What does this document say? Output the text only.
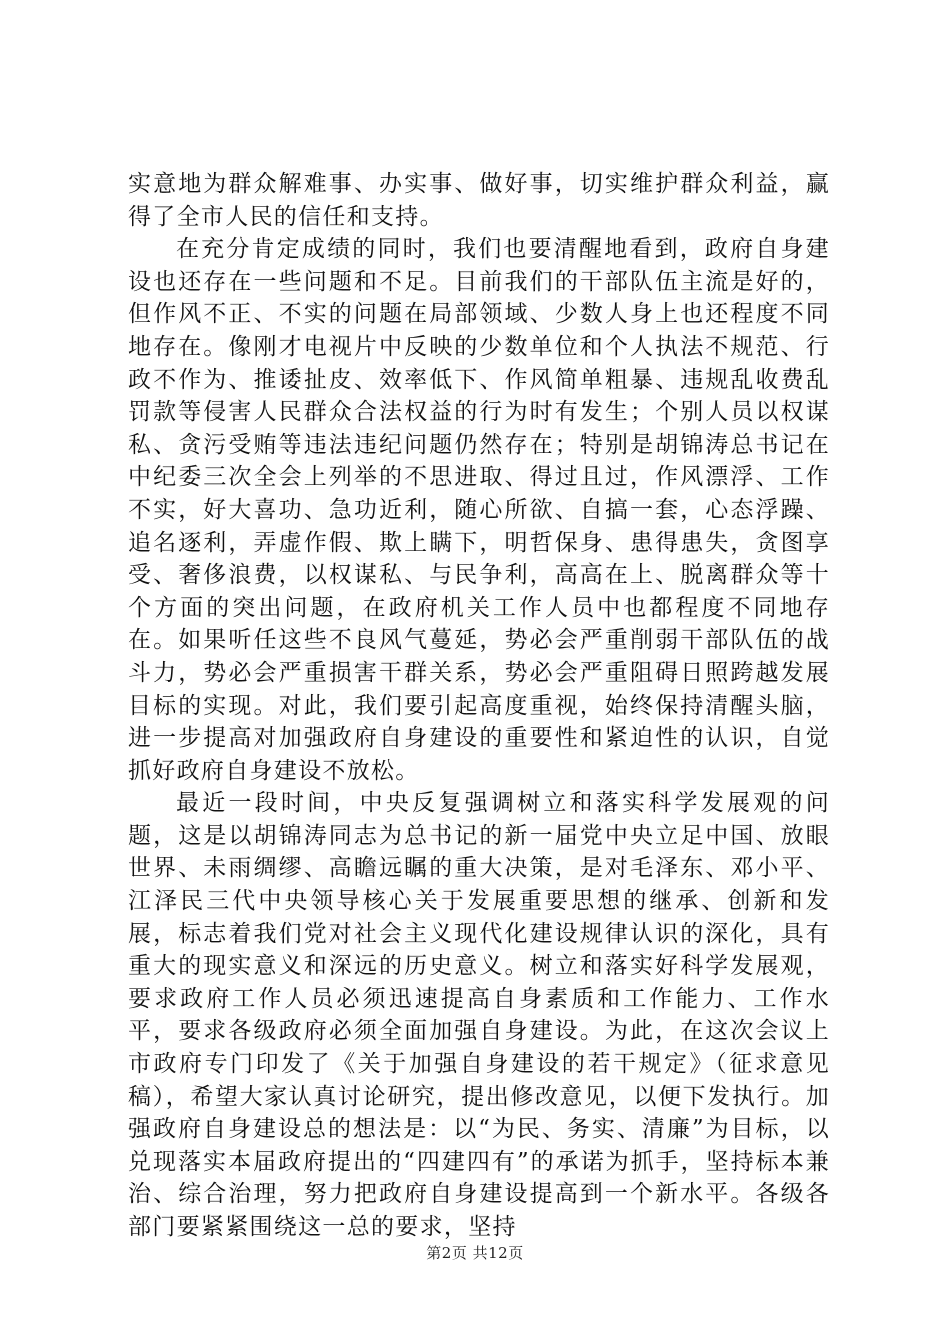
实意地为群众解难事、办实事、做好事，切实维护群众利益，赢得了全市人民的信任和支持。

在充分肯定成绩的同时，我们也要清醒地看到，政府自身建设也还存在一些问题和不足。目前我们的干部队伍主流是好的，但作风不正、不实的问题在局部领域、少数人身上也还程度不同地存在。像刚才电视片中反映的少数单位和个人执法不规范、行政不作为、推诿扯皮、效率低下、作风简单粗暴、违规乱收费乱罚款等侵害人民群众合法权益的行为时有发生；个别人员以权谋私、贪污受贿等违法违纪问题仍然存在；特别是胡锦涛总书记在中纪委三次全会上列举的不思进取、得过且过，作风漂浮、工作不实，好大喜功、急功近利，随心所欲、自搞一套，心态浮躁、追名逐利，弄虚作假、欺上瞒下，明哲保身、患得患失，贪图享受、奢侈浪费，以权谋私、与民争利，高高在上、脱离群众等十个方面的突出问题，在政府机关工作人员中也都程度不同地存在。如果听任这些不良风气蔓延，势必会严重削弱干部队伍的战斗力，势必会严重损害干群关系，势必会严重阻碍日照跨越发展目标的实现。对此，我们要引起高度重视，始终保持清醒头脑，进一步提高对加强政府自身建设的重要性和紧迫性的认识，自觉抓好政府自身建设不放松。

最近一段时间，中央反复强调树立和落实科学发展观的问题，这是以胡锦涛同志为总书记的新一届党中央立足中国、放眼世界、未雨绸缪、高瞻远瞩的重大决策，是对毛泽东、邓小平、江泽民三代中央领导核心关于发展重要思想的继承、创新和发展，标志着我们党对社会主义现代化建设规律认识的深化，具有重大的现实意义和深远的历史意义。树立和落实好科学发展观，要求政府工作人员必须迅速提高自身素质和工作能力、工作水平，要求各级政府必须全面加强自身建设。为此，在这次会议上市政府专门印发了《关于加强自身建设的若干规定》（征求意见稿），希望大家认真讨论研究，提出修改意见，以便下发执行。加强政府自身建设总的想法是：以“为民、务实、清廉”为目标，以兑现落实本届政府提出的“四建四有”的承诺为抓手，坚持标本兼治、综合治理，努力把政府自身建设提高到一个新水平。各级各部门要紧紧围绕这一总的要求，坚持

第2页 共12页
